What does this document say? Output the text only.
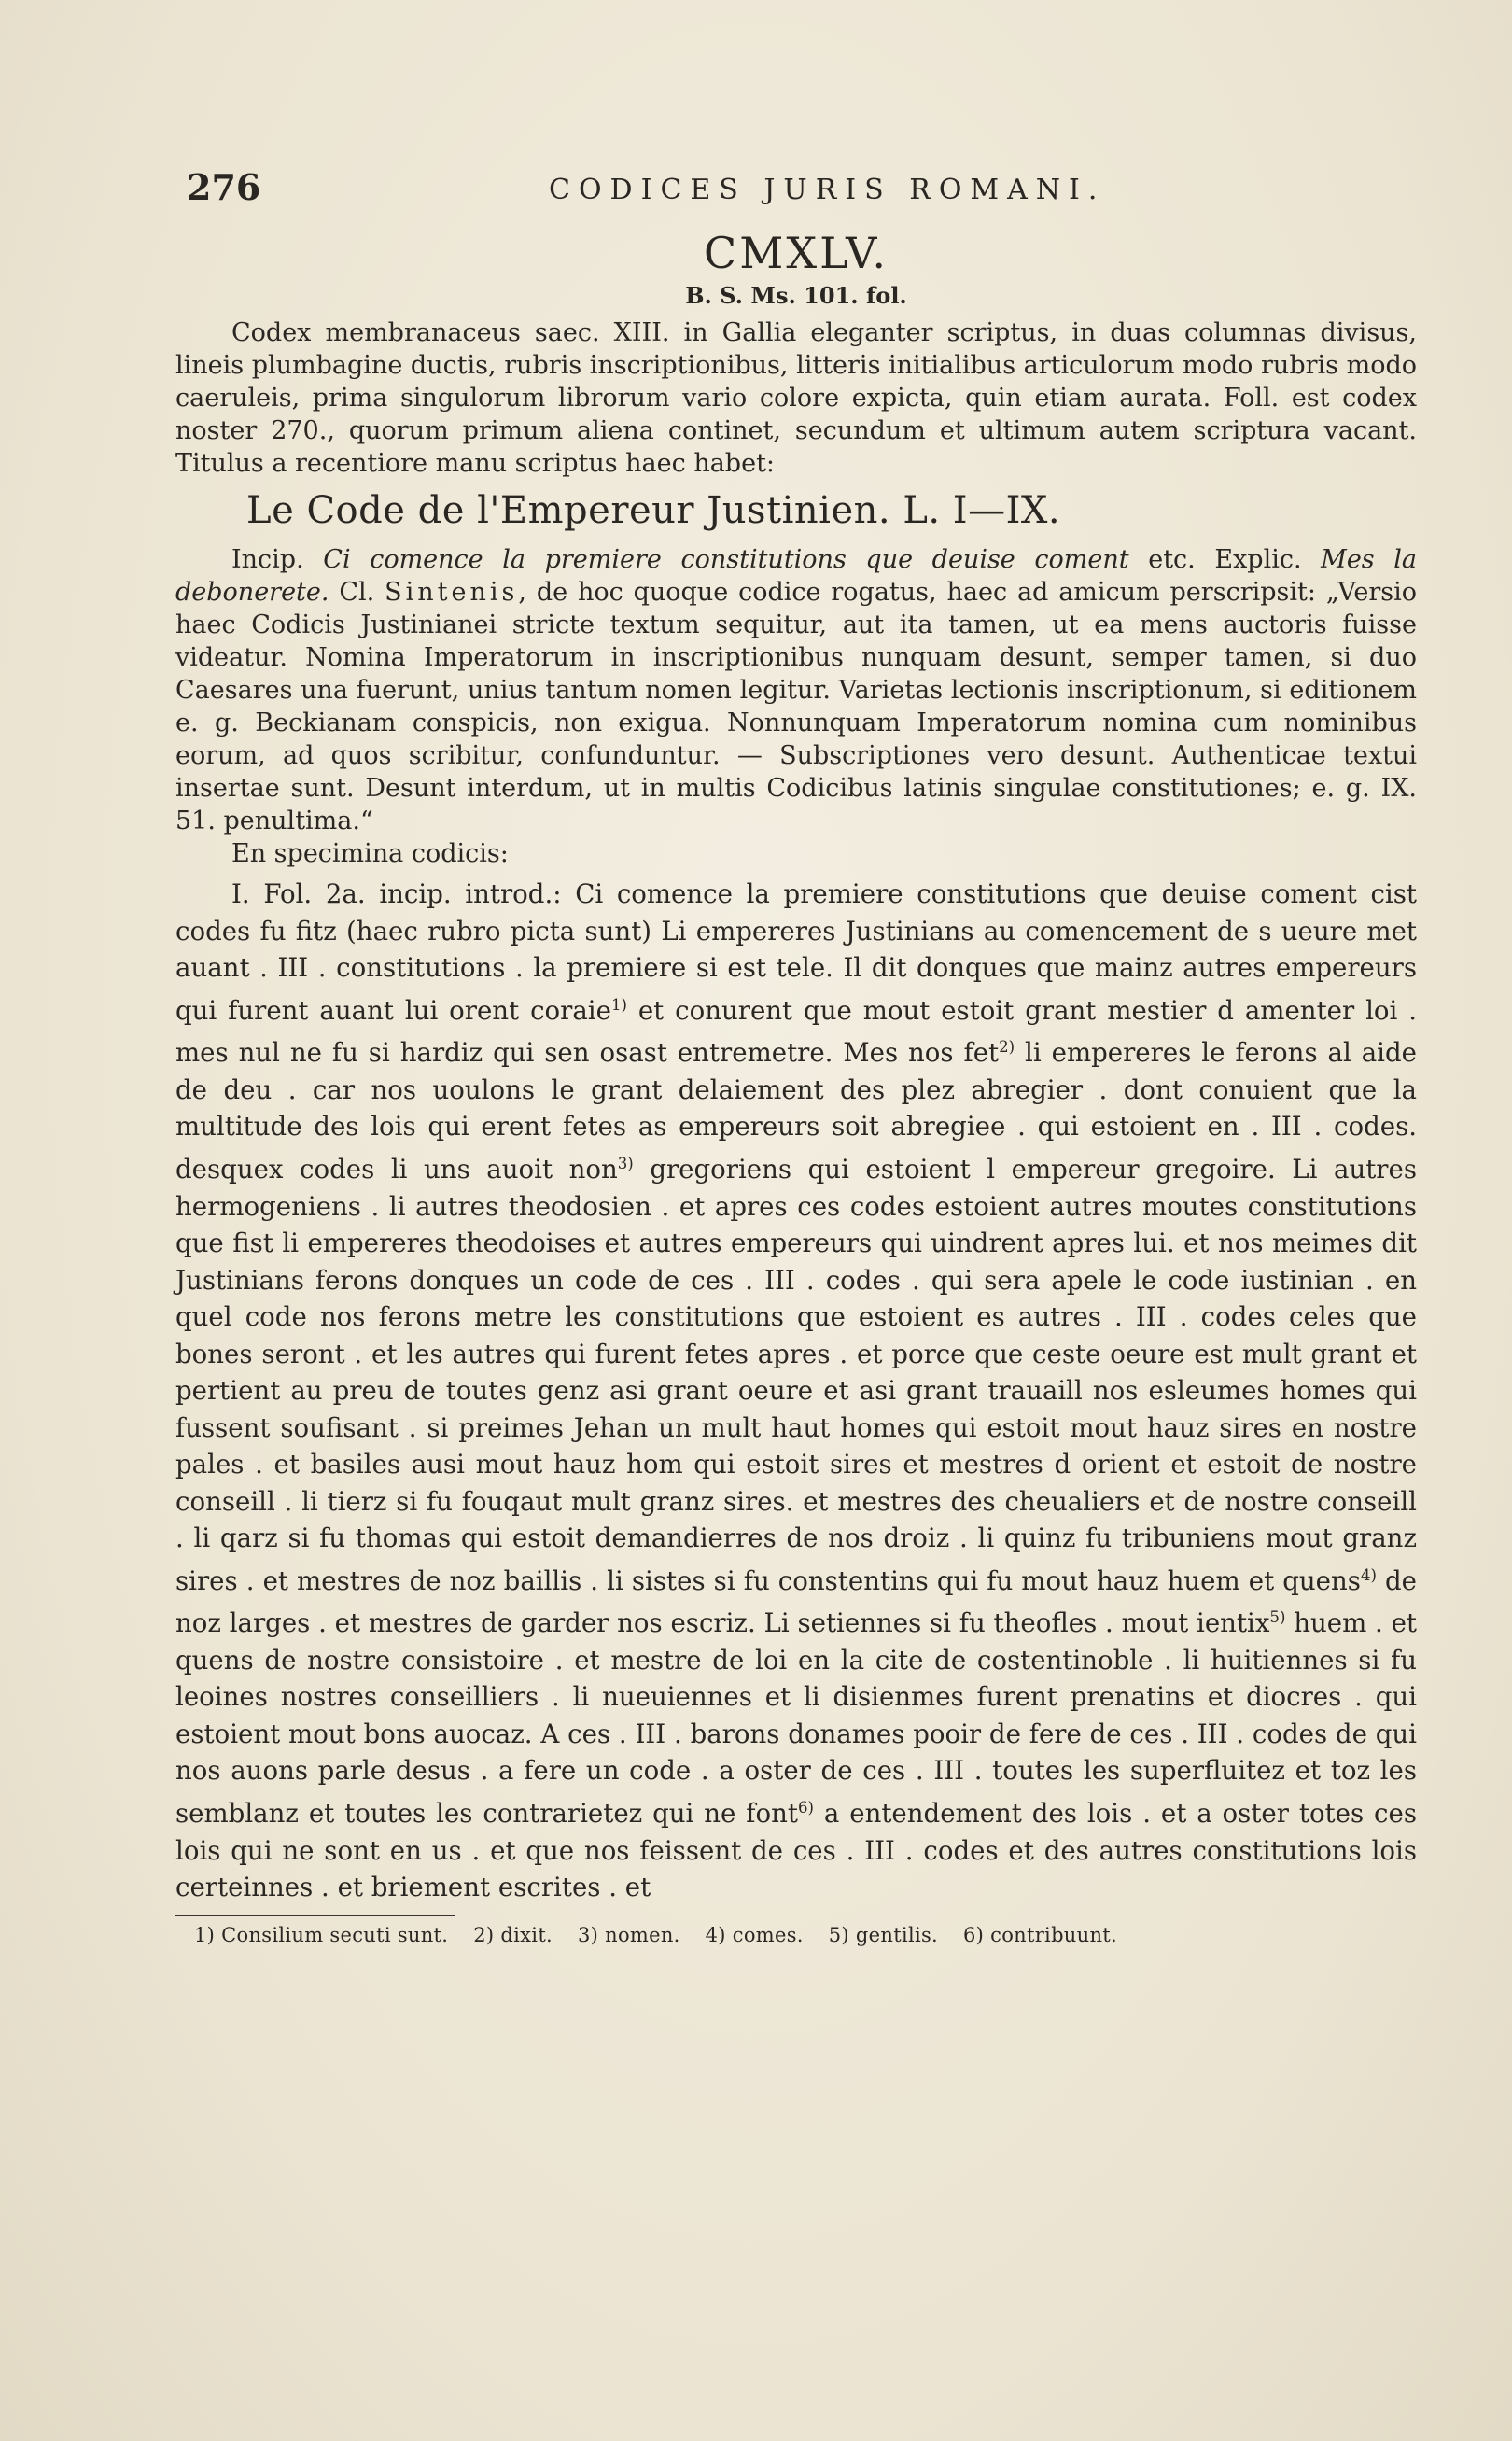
276	CODICES JURIS ROMANI.
CMXLV.
B. S. Ms. 101. fol.

Codex membranaceus saec. XIII. in Gallia eleganter scriptus, in duas columnas divisus, lineis plumbagine ductis, rubris inscriptionibus, litteris initialibus articulorum modo rubris modo caeruleis, prima singulorum librorum vario colore expicta, quin etiam aurata. Foll. est codex noster 270., quorum primum aliena continet, secundum et ultimum autem scriptura vacant. Titulus a recentiore manu scriptus haec habet:

Le Code de l'Empereur Justinien. L. I—IX.

Incip. Ci comence la premiere constitutions que deuise coment etc. Explic. Mes la debonerete. Cl. Sintenis, de hoc quoque codice rogatus, haec ad amicum perscripsit: „Versio haec Codicis Justinianei stricte textum sequitur, aut ita tamen, ut ea mens auctoris fuisse videatur. Nomina Imperatorum in inscriptionibus nunquam desunt, semper tamen, si duo Caesares una fuerunt, unius tantum nomen legitur. Varietas lectionis inscriptionum, si editionem e. g. Beckianam conspicis, non exigua. Nonnunquam Imperatorum nomina cum nominibus eorum, ad quos scribitur, confunduntur. — Subscriptiones vero desunt. Authenticae textui insertae sunt. Desunt interdum, ut in multis Codicibus latinis singulae constitutiones; e. g. IX. 51. penultima.“

En specimina codicis:

I. Fol. 2a. incip. introd.: Ci comence la premiere constitutions que deuise coment cist codes fu fitz (haec rubro picta sunt) Li empereres Justinians au comencement de s ueure met auant . III . constitutions . la premiere si est tele. Il dit donques que mainz autres empereurs qui furent auant lui orent coraie$^{1)}$ et conurent que mout estoit grant mestier d amenter loi . mes nul ne fu si hardiz qui sen osast entremetre. Mes nos fet$^{2)}$ li empereres le ferons al aide de deu . car nos uoulons le grant delaiement des plez abregier . dont conuient que la multitude des lois qui erent fetes as empereurs soit abregiee . qui estoient en . III . codes. desquex codes li uns auoit non$^{3)}$ gregoriens qui estoient l empereur gregoire. Li autres hermogeniens . li autres theodosien . et apres ces codes estoient autres moutes constitutions que fist li empereres theodoises et autres empereurs qui uindrent apres lui. et nos meimes dit Justinians ferons donques un code de ces . III . codes . qui sera apele le code iustinian . en quel code nos ferons metre les constitutions que estoient es autres . III . codes celes que bones seront . et les autres qui furent fetes apres . et porce que ceste oeure est mult grant et pertient au preu de toutes genz asi grant oeure et asi grant trauaill nos esleumes homes qui fussent soufisant . si preimes Jehan un mult haut homes qui estoit mout hauz sires en nostre pales . et basiles ausi mout hauz hom qui estoit sires et mestres d orient et estoit de nostre conseill . li tierz si fu fouqaut mult granz sires. et mestres des cheualiers et de nostre conseill . li qarz si fu thomas qui estoit demandierres de nos droiz . li quinz fu tribuniens mout granz sires . et mestres de noz baillis . li sistes si fu constentins qui fu mout hauz huem et quens$^{4)}$ de noz larges . et mestres de garder nos escriz. Li setiennes si fu theofles . mout ientix$^{5)}$ huem . et quens de nostre consistoire . et mestre de loi en la cite de costentinoble . li huitiennes si fu leoines nostres conseilliers . li nueuiennes et li disienmes furent prenatins et diocres . qui estoient mout bons auocaz. A ces . III . barons donames pooir de fere de ces . III . codes de qui nos auons parle desus . a fere un code . a oster de ces . III . toutes les superfluitez et toz les semblanz et toutes les contrarietez qui ne font$^{6)}$ a entendement des lois . et a oster totes ces lois qui ne sont en us . et que nos feissent de ces . III . codes et des autres constitutions lois certeinnes . et briement escrites . et

1) Consilium secuti sunt. 2) dixit. 3) nomen. 4) comes. 5) gentilis. 6) contribuunt.
